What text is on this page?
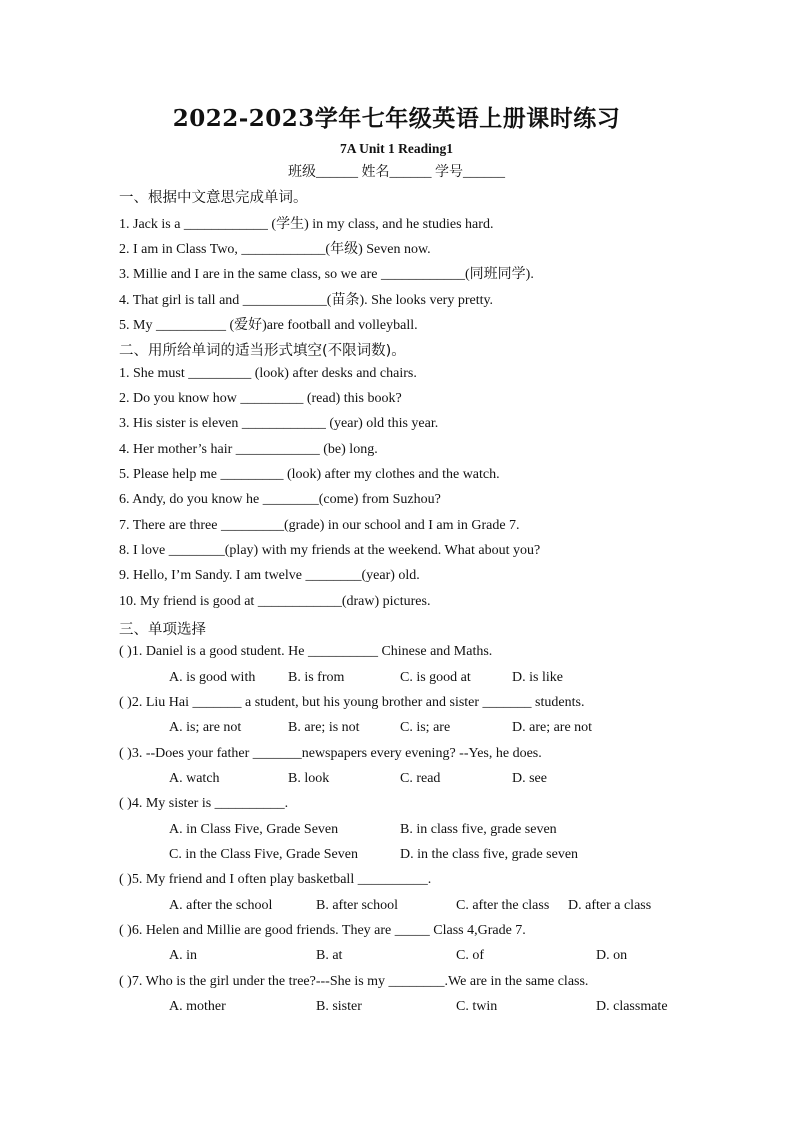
2022-2023学年七年级英语上册课时练习
7A Unit 1 Reading1
班级______ 姓名______ 学号______
一、根据中文意思完成单词。
1. Jack is a ____________ (学生) in my class, and he studies hard.
2. I am in Class Two, ____________(年级) Seven now.
3. Millie and I are in the same class, so we are ____________(同班同学).
4. That girl is tall and ____________(苗条). She looks very pretty.
5. My __________ (爱好)are football and volleyball.
二、用所给单词的适当形式填空(不限词数)。
1. She must _________ (look) after desks and chairs.
2. Do you know how _________ (read) this book?
3. His sister is eleven ____________ (year) old this year.
4. Her mother’s hair ____________ (be) long.
5. Please help me _________ (look) after my clothes and the watch.
6. Andy, do you know he ________(come) from Suzhou?
7. There are three _________(grade) in our school and I am in Grade 7.
8. I love ________(play) with my friends at the weekend. What about you?
9. Hello, I’m Sandy. I am twelve ________(year) old.
10. My friend is good at ____________(draw) pictures.
三、单项选择
( )1. Daniel is a good student. He __________ Chinese and Maths.
A. is good with B. is from	C. is good at	D. is like
( )2. Liu Hai _______ a student, but his young brother and sister _______ students.
A. is; are not	B. are; is not	C. is; are	D. are; are not
( )3. --Does your father _______newspapers every evening? --Yes, he does.
A. watch	B. look	C. read	D. see
( )4. My sister is __________.
A. in Class Five, Grade Seven	B. in class five, grade seven
C. in the Class Five, Grade Seven	D. in the class five, grade seven
( )5. My friend and I often play basketball __________.
A. after the school	B. after school	C. after the class D. after a class
( )6. Helen and Millie are good friends. They are _____ Class 4,Grade 7.
A. in	B. at	C. of	D. on
( )7. Who is the girl under the tree?---She is my ________.We are in the same class.
A. mother	B. sister	C. twin	D. classmate
